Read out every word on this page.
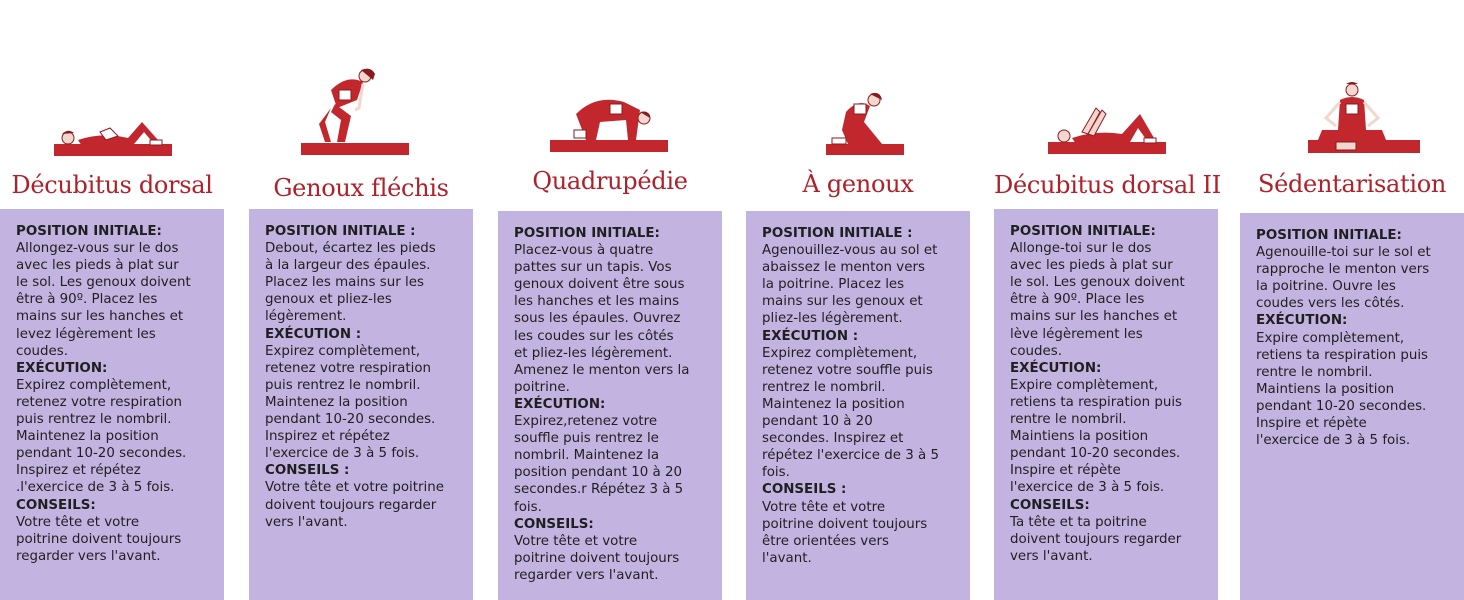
Décubitus dorsal
POSITION INITIALE:
Allongez-vous sur le dos
avec les pieds à plat sur
le sol. Les genoux doivent
être à 90º. Placez les
mains sur les hanches et
levez légèrement les
coudes.
EXÉCUTION:
Expirez complètement,
retenez votre respiration
puis rentrez le nombril.
Maintenez la position
pendant 10-20 secondes.
Inspirez et répétez
.l'exercice de 3 à 5 fois.
CONSEILS:
Votre tête et votre
poitrine doivent toujours
regarder vers l'avant.
Genoux fléchis
POSITION INITIALE :
Debout, écartez les pieds
à la largeur des épaules.
Placez les mains sur les
genoux et pliez-les
légèrement.
EXÉCUTION :
Expirez complètement,
retenez votre respiration
puis rentrez le nombril.
Maintenez la position
pendant 10-20 secondes.
Inspirez et répétez
l'exercice de 3 à 5 fois.
CONSEILS :
Votre tête et votre poitrine
doivent toujours regarder
vers l'avant.
Quadrupédie
POSITION INITIALE:
Placez-vous à quatre
pattes sur un tapis. Vos
genoux doivent être sous
les hanches et les mains
sous les épaules. Ouvrez
les coudes sur les côtés
et pliez-les légèrement.
Amenez le menton vers la
poitrine.
EXÉCUTION:
Expirez,retenez votre
souffle puis rentrez le
nombril. Maintenez la
position pendant 10 à 20
secondes.r Répétez 3 à 5
fois.
CONSEILS:
Votre tête et votre
poitrine doivent toujours
regarder vers l'avant.
À genoux
POSITION INITIALE :
Agenouillez-vous au sol et
abaissez le menton vers
la poitrine. Placez les
mains sur les genoux et
pliez-les légèrement.
EXÉCUTION :
Expirez complètement,
retenez votre souffle puis
rentrez le nombril.
Maintenez la position
pendant 10 à 20
secondes. Inspirez et
répétez l'exercice de 3 à 5
fois.
CONSEILS :
Votre tête et votre
poitrine doivent toujours
être orientées vers
l'avant.
Décubitus dorsal II
POSITION INITIALE:
Allonge-toi sur le dos
avec les pieds à plat sur
le sol. Les genoux doivent
être à 90º. Place les
mains sur les hanches et
lève légèrement les
coudes.
EXÉCUTION:
Expire complètement,
retiens ta respiration puis
rentre le nombril.
Maintiens la position
pendant 10-20 secondes.
Inspire et répète
l'exercice de 3 à 5 fois.
CONSEILS:
Ta tête et ta poitrine
doivent toujours regarder
vers l'avant.
Sédentarisation
POSITION INITIALE:
Agenouille-toi sur le sol et
rapproche le menton vers
la poitrine. Ouvre les
coudes vers les côtés.
EXÉCUTION:
Expire complètement,
retiens ta respiration puis
rentre le nombril.
Maintiens la position
pendant 10-20 secondes.
Inspire et répète
l'exercice de 3 à 5 fois.
